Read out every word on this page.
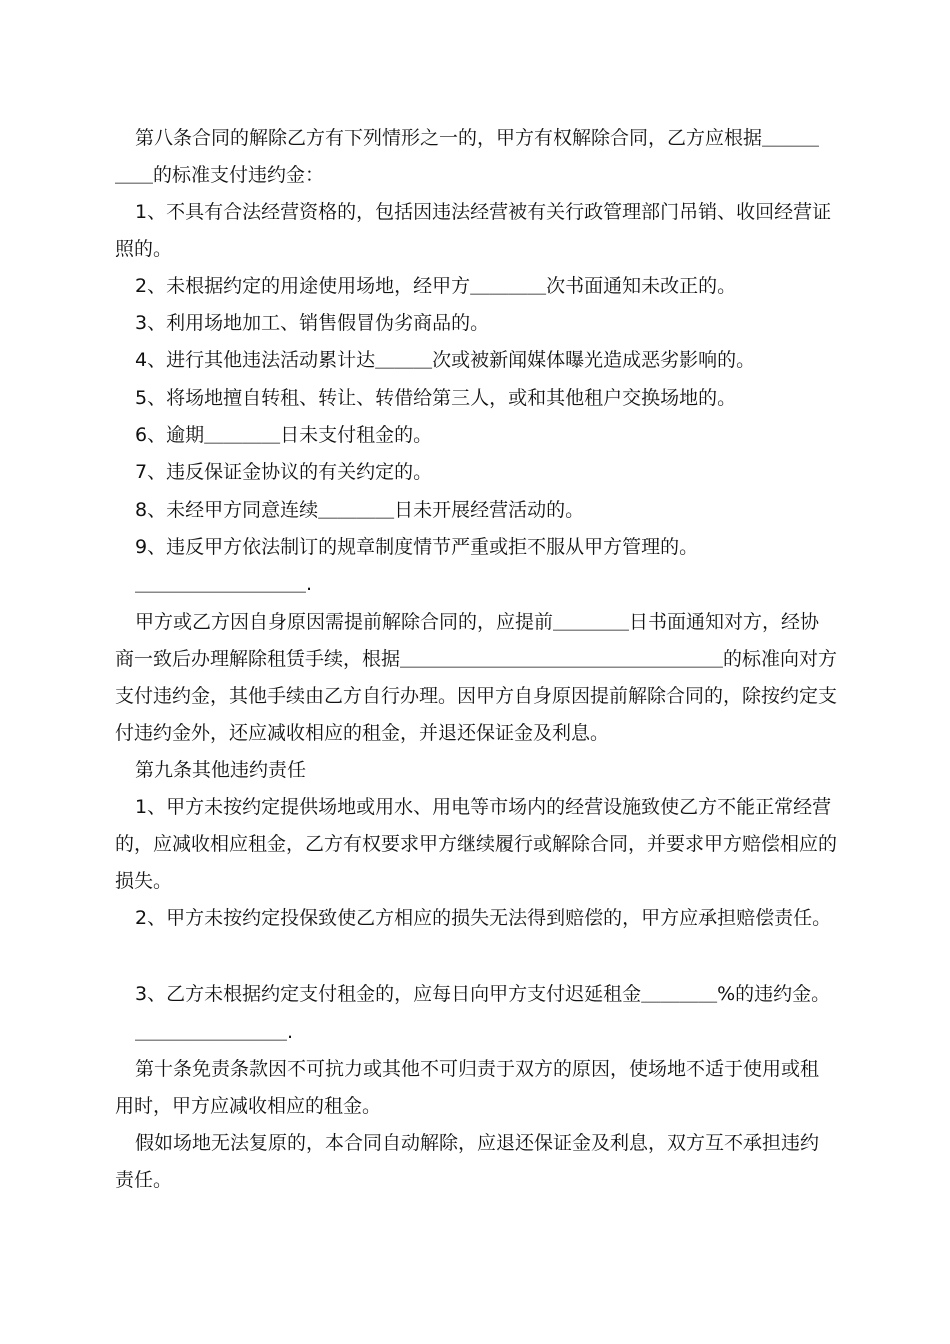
第八条合同的解除乙方有下列情形之一的，甲方有权解除合同，乙方应根据＿＿＿＿＿的标准支付违约金：

1、不具有合法经营资格的，包括因违法经营被有关行政管理部门吊销、收回经营证照的。

2、未根据约定的用途使用场地，经甲方＿＿＿＿次书面通知未改正的。
3、利用场地加工、销售假冒伪劣商品的。
4、进行其他违法活动累计达＿＿＿次或被新闻媒体曝光造成恶劣影响的。
5、将场地擅自转租、转让、转借给第三人，或和其他租户交换场地的。
6、逾期＿＿＿＿日未支付租金的。
7、违反保证金协议的有关约定的。
8、未经甲方同意连续＿＿＿＿日未开展经营活动的。
9、违反甲方依法制订的规章制度情节严重或拒不服从甲方管理的。
＿＿＿＿＿＿＿＿＿.

甲方或乙方因自身原因需提前解除合同的，应提前＿＿＿＿日书面通知对方，经协商一致后办理解除租赁手续，根据＿＿＿＿＿＿＿＿＿＿＿＿＿＿＿＿＿的标准向对方支付违约金，其他手续由乙方自行办理。因甲方自身原因提前解除合同的，除按约定支付违约金外，还应减收相应的租金，并退还保证金及利息。

第九条其他违约责任

1、甲方未按约定提供场地或用水、用电等市场内的经营设施致使乙方不能正常经营的，应减收相应租金，乙方有权要求甲方继续履行或解除合同，并要求甲方赔偿相应的损失。

2、甲方未按约定投保致使乙方相应的损失无法得到赔偿的，甲方应承担赔偿责任。
3、乙方未根据约定支付租金的，应每日向甲方支付迟延租金＿＿＿＿%的违约金。
＿＿＿＿＿＿＿＿.

第十条免责条款因不可抗力或其他不可归责于双方的原因，使场地不适于使用或租用时，甲方应减收相应的租金。

假如场地无法复原的，本合同自动解除，应退还保证金及利息，双方互不承担违约责任。
